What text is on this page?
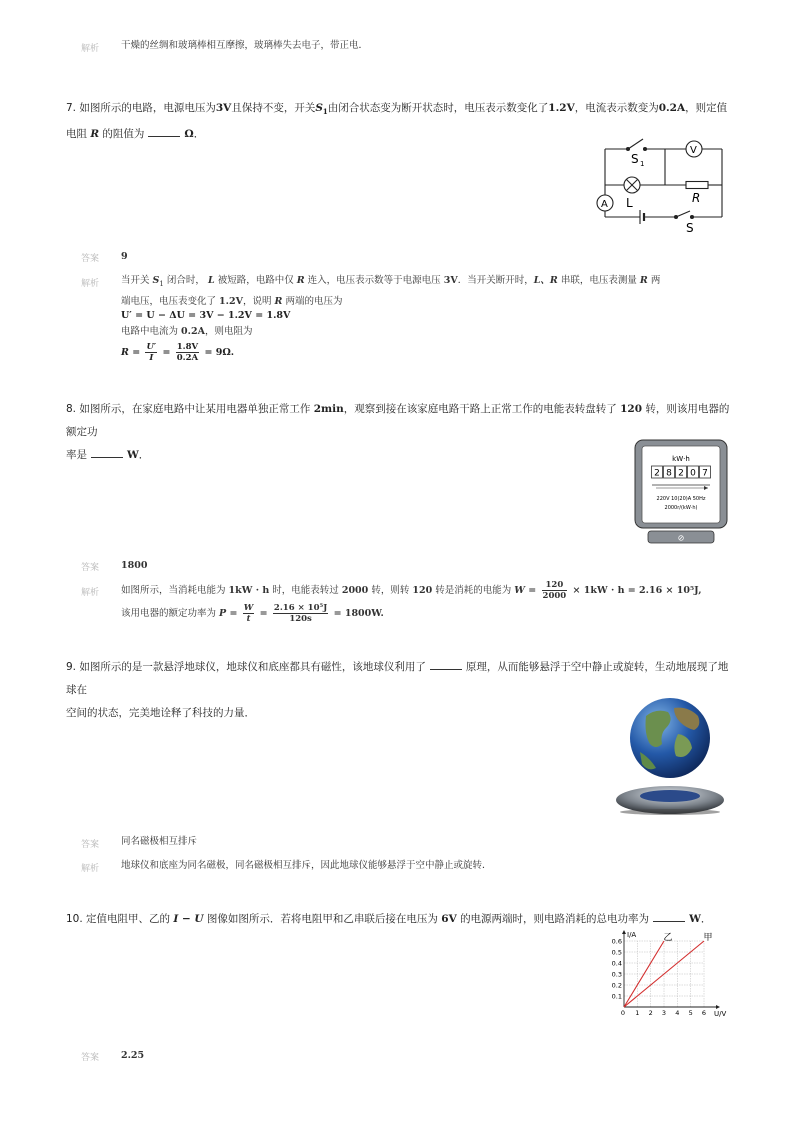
解析 干燥的丝绸和玻璃棒相互摩擦，玻璃棒失去电子，带正电．
7. 如图所示的电路，电源电压为3V且保持不变，开关$S_1$由闭合状态变为断开状态时，电压表示数变化了1.2V，电流表示数变为0.2A，则定值
电阻 R 的阻值为	Ω．
S 1
V
A L	R
S
答案 9
解析 当开关 $S_1$ 闭合时， L 被短路，电路中仅 R 连入，电压表示数等于电源电压 3V．当开关断开时，L、R 串联，电压表测量 R 两
端电压，电压表变化了 1.2V，说明 R 两端的电压为
U′ = U − ΔU = 3V − 1.2V = 1.8V
电路中电流为 0.2A，则电阻为
$R = \frac{U'}{I} = \frac{1.8V}{0.2A} = 9\Omega$.
8. 如图所示，在家庭电路中让某用电器单独正常工作 2min，观察到接在该家庭电路干路上正常工作的电能表转盘转了 120 转，则该用电器的额定功
率是	W．	kW·h
2 8 2 0 7
220V 10(20)A 50Hz
2000r/(kW·h)
⊘
答案 1800
解析 如图所示，当消耗电能为 1kW · h 时，电能表转过 2000 转，则转 120 转是消耗的电能为 $W = \frac{120}{2000} \times 1kW \cdot h = 2.16 \times 10^5J$,
该用电器的额定功率为 $P = \frac{W}{t} = \frac{\text{2.16 × 10⁵J}}{120s} = 1800W$.
9. 如图所示的是一款悬浮地球仪，地球仪和底座都具有磁性，该地球仪利用了	原理，从而能够悬浮于空中静止或旋转，生动地展现了地球在
空间的状态，完美地诠释了科技的力量．
答案 同名磁极相互排斥
解析 地球仪和底座为同名磁极，同名磁极相互排斥，因此地球仪能够悬浮于空中静止或旋转．
10. 定值电阻甲、乙的 I − U 图像如图所示．若将电阻甲和乙串联后接在电压为 6V 的电源两端时，则电路消耗的总电功率为	W．
0.1
0.2
0.3
0.4
0.5
0.6
0 1 2 3 4 5 6
乙	甲
I/A
U/V
答案 2.25
